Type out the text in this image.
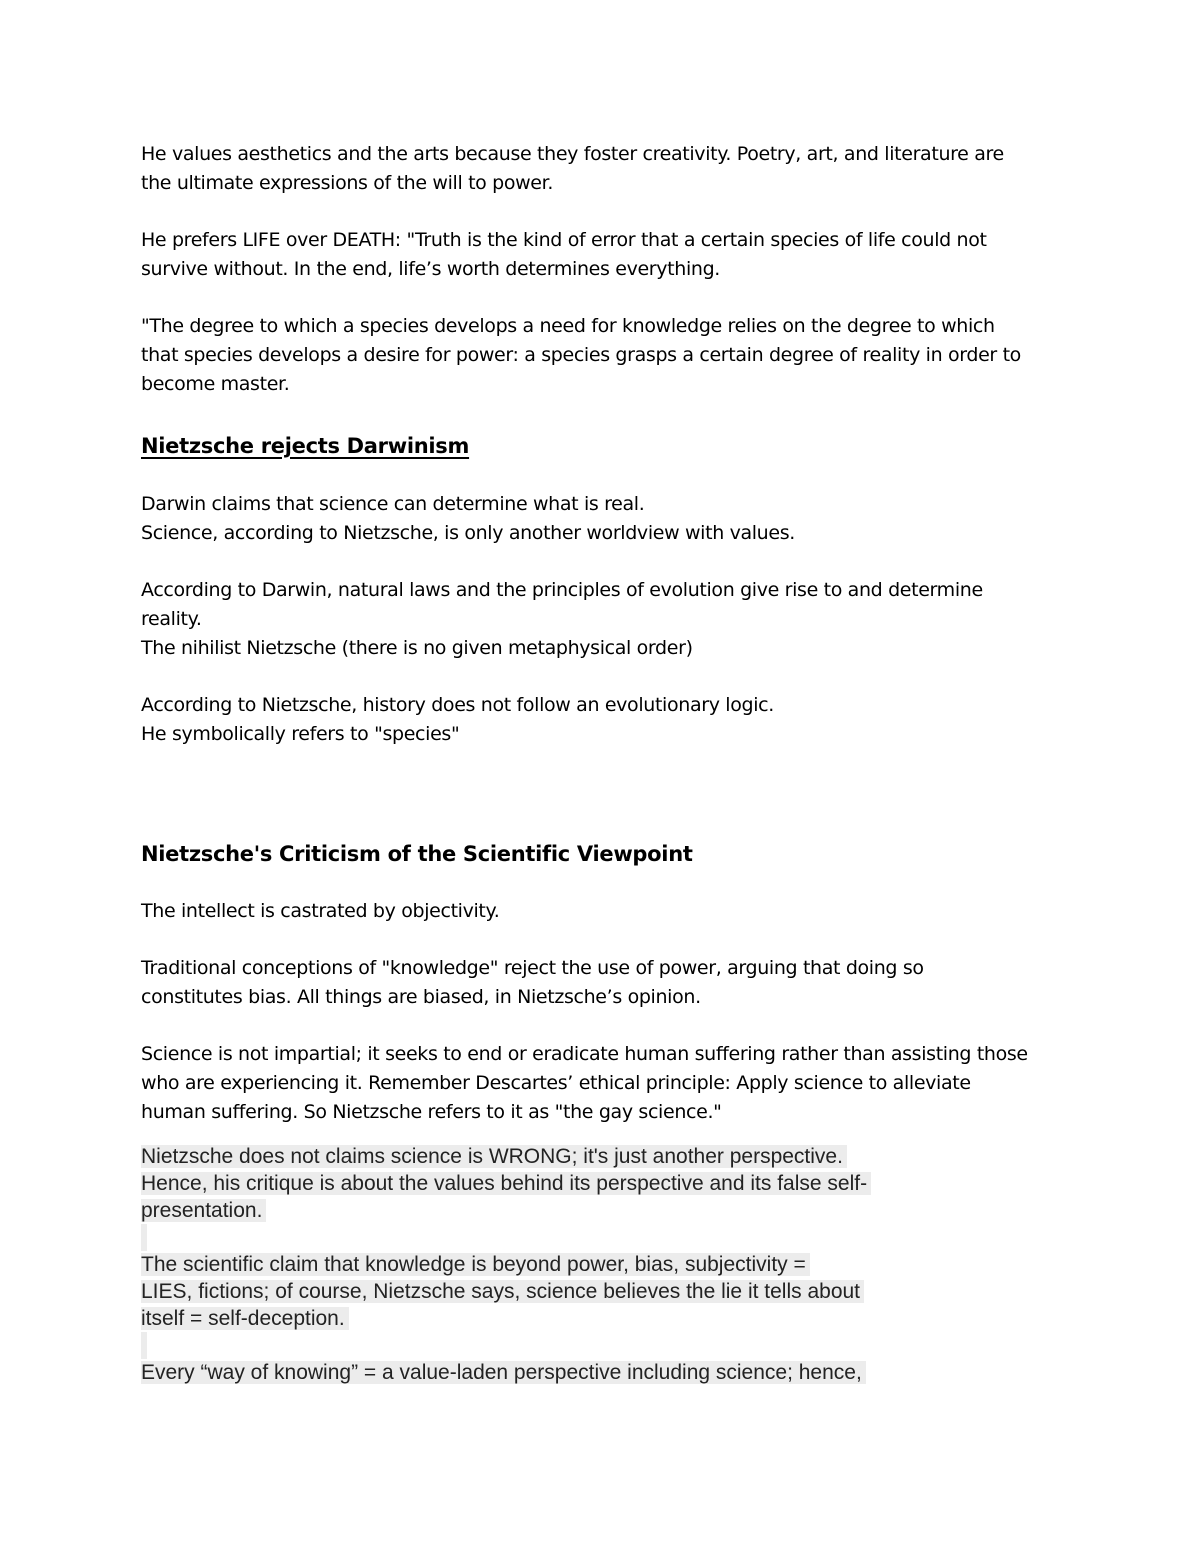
He values aesthetics and the arts because they foster creativity. Poetry, art, and literature are

the ultimate expressions of the will to power.

He prefers LIFE over DEATH: "Truth is the kind of error that a certain species of life could not

survive without. In the end, life’s worth determines everything.

"The degree to which a species develops a need for knowledge relies on the degree to which

that species develops a desire for power: a species grasps a certain degree of reality in order to

become master.

Nietzsche rejects Darwinism

Darwin claims that science can determine what is real.

Science, according to Nietzsche, is only another worldview with values.

According to Darwin, natural laws and the principles of evolution give rise to and determine

reality.

The nihilist Nietzsche (there is no given metaphysical order)

According to Nietzsche, history does not follow an evolutionary logic.

He symbolically refers to "species"

Nietzsche's Criticism of the Scientific Viewpoint

The intellect is castrated by objectivity.

Traditional conceptions of "knowledge" reject the use of power, arguing that doing so

constitutes bias. All things are biased, in Nietzsche’s opinion.

Science is not impartial; it seeks to end or eradicate human suffering rather than assisting those

who are experiencing it. Remember Descartes’ ethical principle: Apply science to alleviate

human suffering. So Nietzsche refers to it as "the gay science."

Nietzsche does not claims science is WRONG; it's just another perspective.
Hence, his critique is about the values behind its perspective and its false self-
presentation.
The scientific claim that knowledge is beyond power, bias, subjectivity =
LIES, fictions; of course, Nietzsche says, science believes the lie it tells about
itself = self-deception.
Every “way of knowing” = a value-laden perspective including science; hence,
